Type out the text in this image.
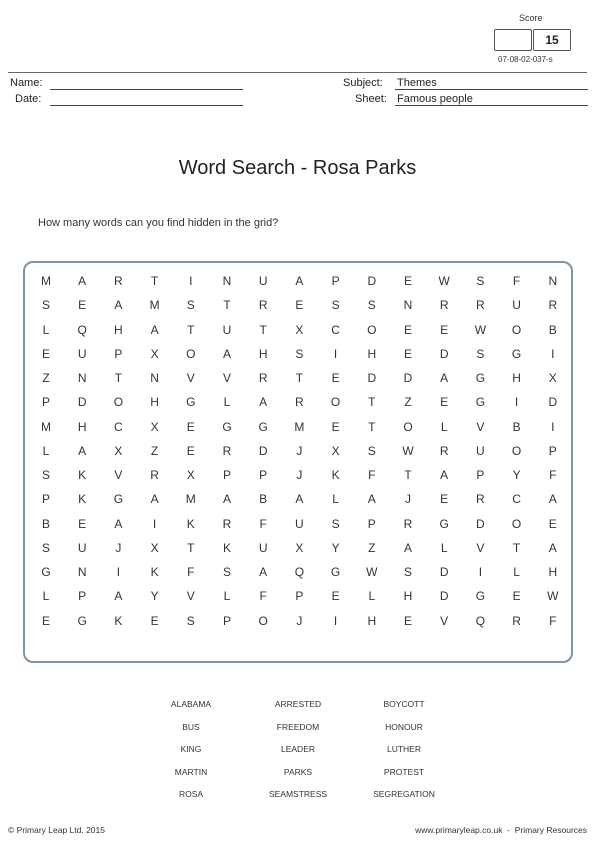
Score
15
07-08-02-037-s
Name:
Date:
Subject: Themes
Sheet: Famous people
Word Search - Rosa Parks
How many words can you find hidden in the grid?
M	A	R	T	I	N	U	A	P	D	E	W	S	F	N
S	E	A	M	S	T	R	E	S	S	N	R	R	U	R
L	Q	H	A	T	U	T	X	C	O	E	E	W	O	B
E	U	P	X	O	A	H	S	I	H	E	D	S	G	I
Z	N	T	N	V	V	R	T	E	D	D	A	G	H	X
P	D	O	H	G	L	A	R	O	T	Z	E	G	I	D
M	H	C	X	E	G	G	M	E	T	O	L	V	B	I
L	A	X	Z	E	R	D	J	X	S	W	R	U	O	P
S	K	V	R	X	P	P	J	K	F	T	A	P	Y	F
P	K	G	A	M	A	B	A	L	A	J	E	R	C	A
B	E	A	I	K	R	F	U	S	P	R	G	D	O	E
S	U	J	X	T	K	U	X	Y	Z	A	L	V	T	A
G	N	I	K	F	S	A	Q	G	W	S	D	I	L	H
L	P	A	Y	V	L	F	P	E	L	H	D	G	E	W
E	G	K	E	S	P	O	J	I	H	E	V	Q	R	F
ALABAMA	ARRESTED	BOYCOTT
BUS	FREEDOM	HONOUR
KING	LEADER	LUTHER
MARTIN	PARKS	PROTEST
ROSA	SEAMSTRESS	SEGREGATION
© Primary Leap Ltd. 2015	www.primaryleap.co.uk  -  Primary Resources
